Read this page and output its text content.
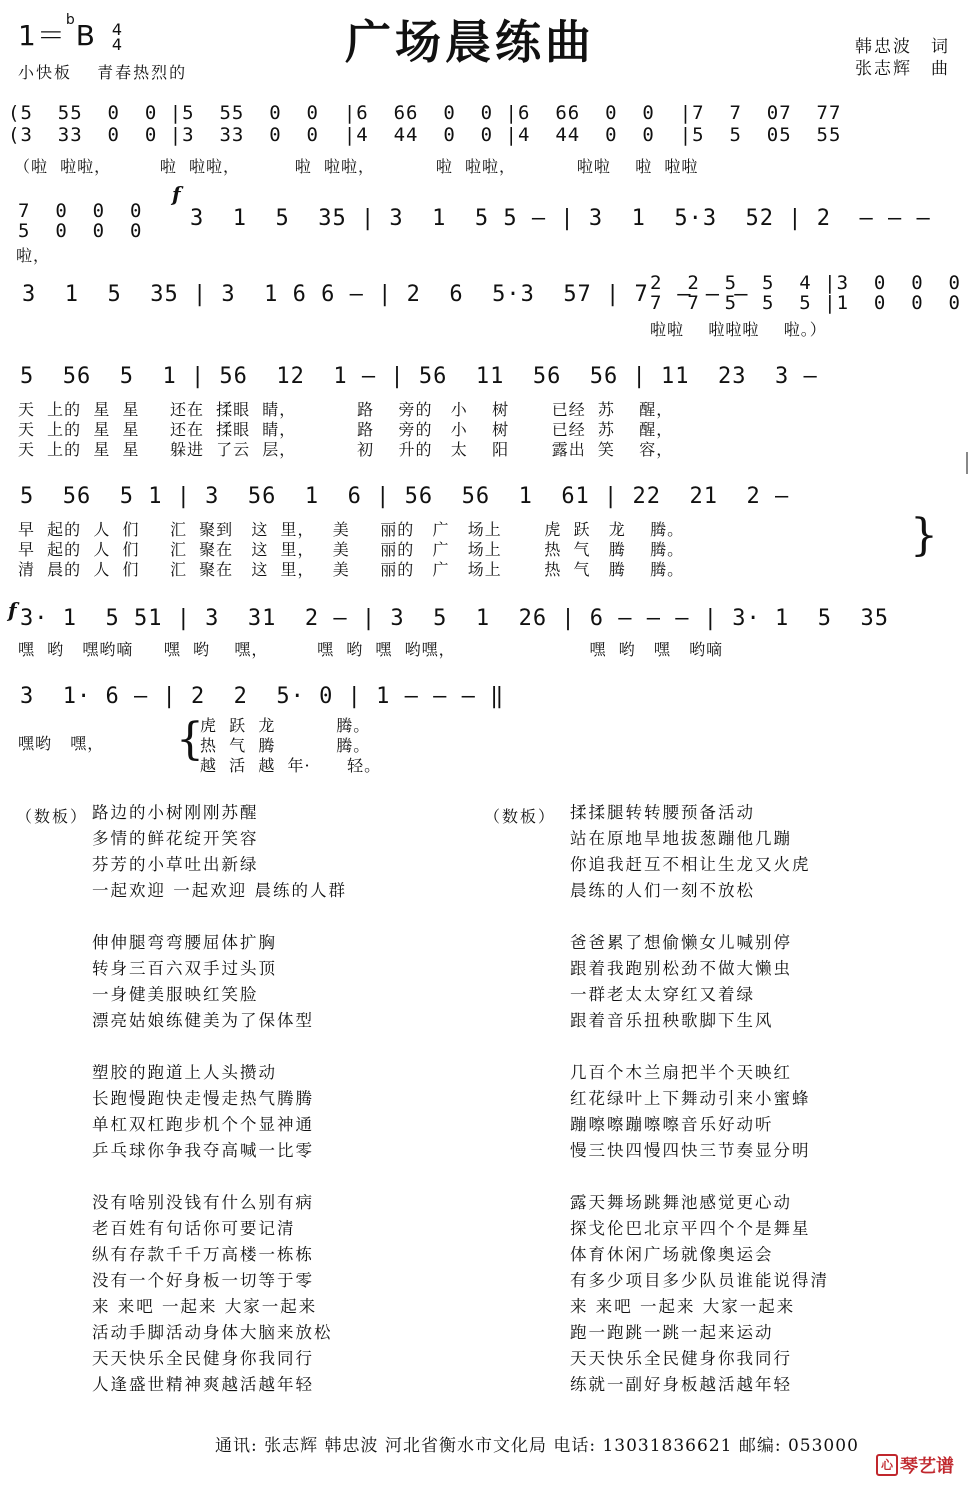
1＝$^b$B 4
4	广场晨练曲	韩忠波　词
张志辉　曲
小快板　 青春热烈的
(5  55  0  0 |5  55  0  0  |6  66  0  0 |6  66  0  0  |7  7  07  77
(3  33  0  0 |3  33  0  0  |4  44  0  0 |4  44  0  0  |5  5  05  55
（啦  啦啦，        啦  啦啦，         啦  啦啦，          啦  啦啦，          啦啦    啦  啦啦
f
7  0  0  0
5  0  0  0
啦，
3  1  5  35 | 3  1  5 5 — | 3  1  5·3  52 | 2  — — —
3  1  5  35 | 3  1 6 6 — | 2  6  5·3  57 | 7  — — —
2  2  5  5  4 |3  0  0  0
7  7  5  5  5 |1  0  0  0
啦啦    啦啦啦    啦。）
5  56  5  1 | 56  12  1 — | 56  11  56  56 | 11  23  3 —
天  上的  星  星     还在  揉眼  睛，          路    旁的   小    树       已经  苏    醒，
天  上的  星  星     还在  揉眼  睛，          路    旁的   小    树       已经  苏    醒，
天  上的  星  星     躲进  了云  层，          初    升的   太    阳       露出  笑    容，
5  56  5 1 | 3  56  1  6 | 56  56  1  61 | 22  21  2 —
早  起的  人  们     汇  聚到   这  里，   美     丽的   广   场上       虎  跃   龙    腾。
早  起的  人  们     汇  聚在   这  里，   美     丽的   广   场上       热  气   腾    腾。
清  晨的  人  们     汇  聚在   这  里，   美     丽的   广   场上       热  气   腾    腾。
}
f 3· 1  5 51 | 3  31  2 — | 3  5  1  26 | 6 — — — | 3· 1  5  35
嘿  哟   嘿哟嘀     嘿  哟    嘿，        嘿  哟  嘿  哟嘿，                      嘿  哟   嘿   哟嘀
3  1· 6 — | 2  2  5· 0 | 1 — — — ‖
嘿哟   嘿， {
虎  跃  龙          腾。
热  气  腾          腾。
越  活  越  年·      轻。
（数板） 路边的小树刚刚苏醒
多情的鲜花绽开笑容
芬芳的小草吐出新绿
一起欢迎 一起欢迎 晨练的人群
伸伸腿弯弯腰屈体扩胸
转身三百六双手过头顶
一身健美服映红笑脸
漂亮姑娘练健美为了保体型
塑胶的跑道上人头攒动
长跑慢跑快走慢走热气腾腾
单杠双杠跑步机个个显神通
乒乓球你争我夺高喊一比零
没有啥别没钱有什么别有病
老百姓有句话你可要记清
纵有存款千千万高楼一栋栋
没有一个好身板一切等于零
来 来吧 一起来 大家一起来
活动手脚活动身体大脑来放松
天天快乐全民健身你我同行
人逢盛世精神爽越活越年轻
（数板） 揉揉腿转转腰预备活动
站在原地旱地拔葱蹦他几蹦
你追我赶互不相让生龙又火虎
晨练的人们一刻不放松
爸爸累了想偷懒女儿喊别停
跟着我跑别松劲不做大懒虫
一群老太太穿红又着绿
跟着音乐扭秧歌脚下生风
几百个木兰扇把半个天映红
红花绿叶上下舞动引来小蜜蜂
蹦嚓嚓蹦嚓嚓音乐好动听
慢三快四慢四快三节奏显分明
露天舞场跳舞池感觉更心动
探戈伦巴北京平四个个是舞星
体育休闲广场就像奥运会
有多少项目多少队员谁能说得清
来 来吧 一起来 大家一起来
跑一跑跳一跳一起来运动
天天快乐全民健身你我同行
练就一副好身板越活越年轻
通讯: 张志辉 韩忠波 河北省衡水市文化局 电话: 13031836621 邮编: 053000
心 琴艺谱
